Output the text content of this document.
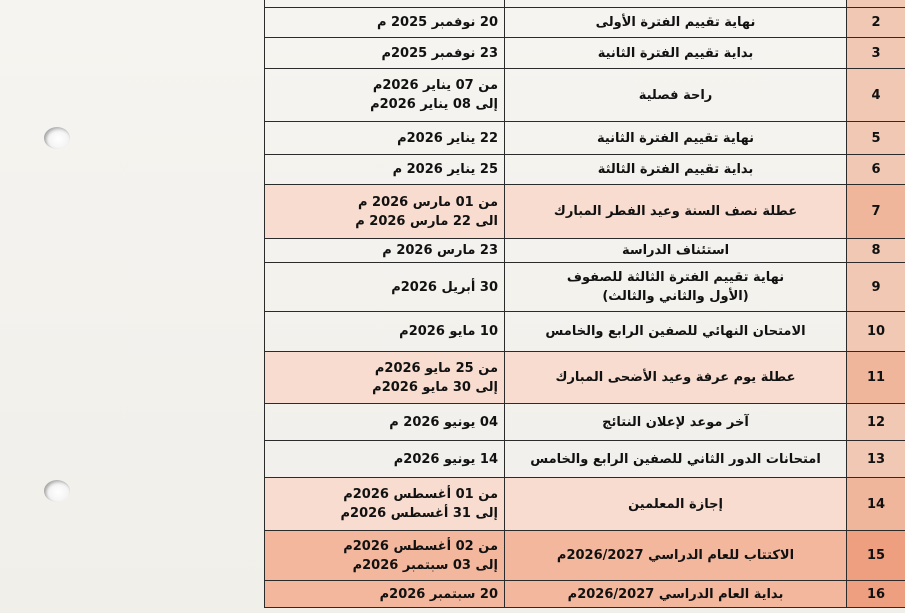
2	نهاية تقييم الفترة الأولى	20 نوفمبر 2025 م

3	بداية تقييم الفترة الثانية	23 نوفمبر 2025م

4	راحة فصلية	من 07 يناير 2026م
إلى 08 يناير 2026م

5	نهاية تقييم الفترة الثانية	22 يناير 2026م

6	بداية تقييم الفترة الثالثة	25 يناير 2026 م

7	عطلة نصف السنة وعيد الفطر المبارك	من 01 مارس 2026 م
الى 22 مارس 2026 م

8	استئناف الدراسة	23 مارس 2026 م

9	نهاية تقييم الفترة الثالثة للصفوف
(الأول والثاني والثالث)	30 أبريل 2026م

10	الامتحان النهائي للصفين الرابع والخامس	10 مايو 2026م

11	عطلة يوم عرفة وعيد الأضحى المبارك	من 25 مايو 2026م
إلى 30 مايو 2026م

12	آخر موعد لإعلان النتائج	04 يونيو 2026 م

13	امتحانات الدور الثاني للصفين الرابع والخامس	14 يونيو 2026م

14	إجازة المعلمين	من 01 أغسطس 2026م
إلى 31 أغسطس 2026م

15	الاكتتاب للعام الدراسي 2026/2027م	من 02 أغسطس 2026م
إلى 03 سبتمبر 2026م

16	بداية العام الدراسي 2026/2027م	20 سبتمبر 2026م
